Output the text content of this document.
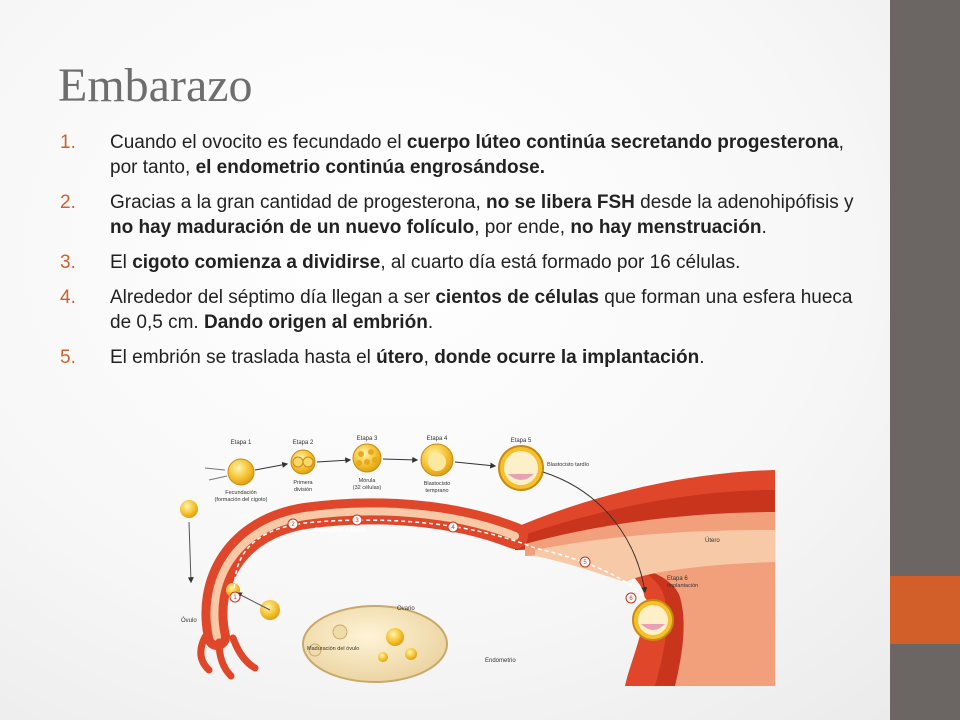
Embarazo
1. Cuando el ovocito es fecundado el cuerpo lúteo continúa secretando progesterona, por tanto, el endometrio continúa engrosándose.
2. Gracias a la gran cantidad de progesterona, no se libera FSH desde la adenohipófisis y no hay maduración de un nuevo folículo, por ende, no hay menstruación.
3. El cigoto comienza a dividirse, al cuarto día está formado por 16 células.
4. Alrededor del séptimo día llegan a ser cientos de células que forman una esfera hueca de 0,5 cm. Dando origen al embrión.
5. El embrión se traslada hasta el útero, donde ocurre la implantación.
1
2
3
4
5
6
Etapa 1
Fecundación
(formación del cigoto)
Etapa 2
Primera
división
Etapa 3
Mórula
(32 células)
Etapa 4
Blastocisto
temprano
Etapa 5
Blastocisto tardío
Etapa 6
Implantación
Trompa de Falopio
Útero
Óvulo
Ovario
Maduración del óvulo
Endometrio
